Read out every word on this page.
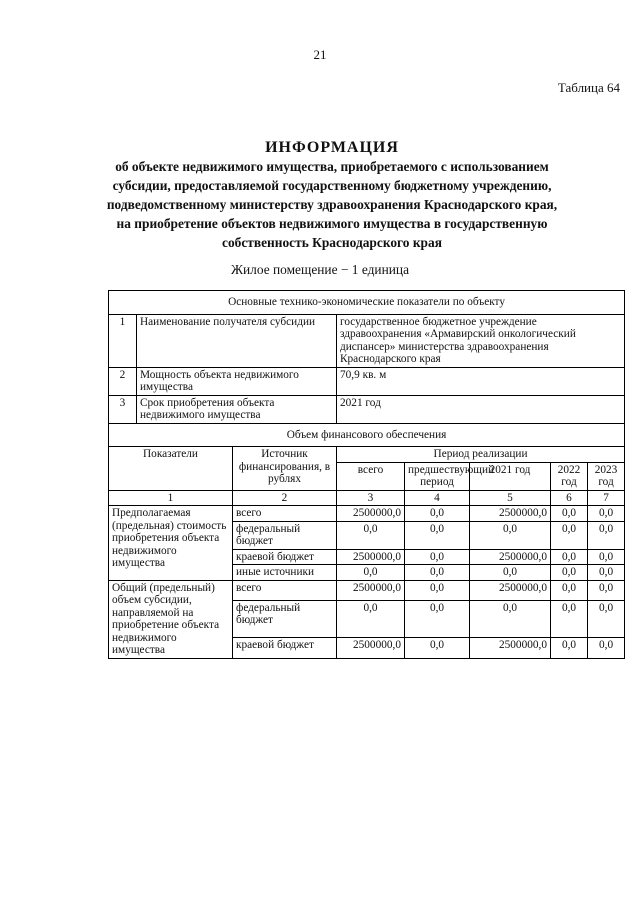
21
Таблица 64
ИНФОРМАЦИЯ
об объекте недвижимого имущества, приобретаемого с использованием
субсидии, предоставляемой государственному бюджетному учреждению,
подведомственному министерству здравоохранения Краснодарского края,
на приобретение объектов недвижимого имущества в государственную
собственность Краснодарского края
Жилое помещение − 1 единица
Основные технико-экономические показатели по объекту							
1	Наименование получателя субсидии		государственное бюджетное учреждение здравоохранения «Армавирский онкологический диспансер» министерства здравоохранения Краснодарского края				
2	Мощность объекта недвижимого имущества		70,9 кв. м				
3	Срок приобретения объекта недвижимого имущества		2021 год				
Объем финансового обеспечения							
Показатели		Источник финансирования, в рублях	Период реализации				
			всего	предшествующий период	2021 год	2022 год	2023 год
1		2	3	4	5	6	7
Предполагаемая (предельная) стоимость приобретения объекта недвижимого имущества		всего	2500000,0	0,0	2500000,0	0,0	0,0
		федеральный бюджет	0,0	0,0	0,0	0,0	0,0
		краевой бюджет	2500000,0	0,0	2500000,0	0,0	0,0
		иные источники	0,0	0,0	0,0	0,0	0,0
Общий (предельный) объем субсидии, направляемой на приобретение объекта недвижимого имущества		всего	2500000,0	0,0	2500000,0	0,0	0,0
		федеральный бюджет	0,0	0,0	0,0	0,0	0,0
		краевой бюджет	2500000,0	0,0	2500000,0	0,0	0,0
